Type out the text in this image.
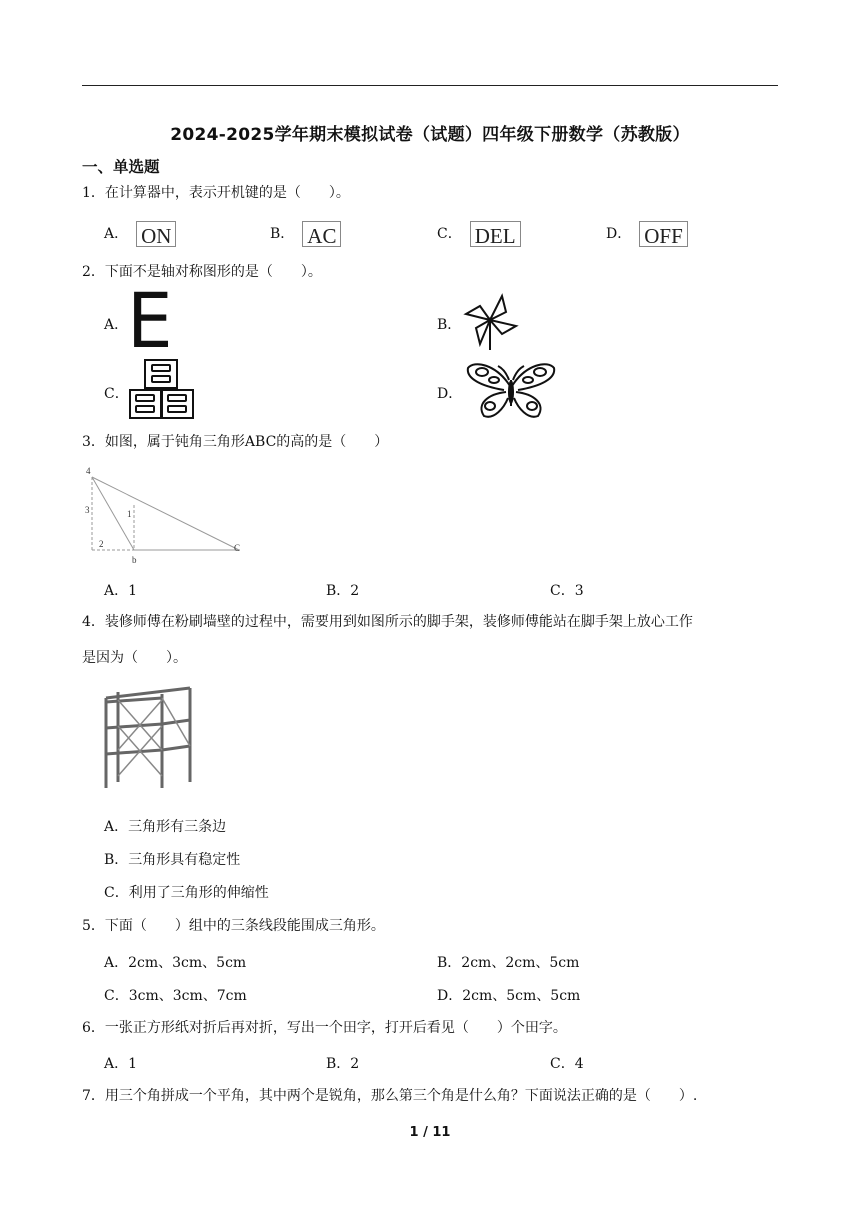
2024-2025学年期末模拟试卷（试题）四年级下册数学（苏教版）
一、单选题
1．在计算器中，表示开机键的是（　　）。
A． ON	B． AC	C． DEL	D． OFF
2．下面不是轴对称图形的是（　　）。
A．
E	B．
C．	D．
3．如图，属于钝角三角形ABC的高的是（　　）
4
3	1
2
b
C
A．1	B．2	C．3
4．装修师傅在粉刷墙壁的过程中，需要用到如图所示的脚手架，装修师傅能站在脚手架上放心工作
是因为（　　）。
A．三角形有三条边
B．三角形具有稳定性
C．利用了三角形的伸缩性
5．下面（　　）组中的三条线段能围成三角形。
A．2cm、3cm、5cm	B．2cm、2cm、5cm
C．3cm、3cm、7cm	D．2cm、5cm、5cm
6．一张正方形纸对折后再对折，写出一个田字，打开后看见（　　）个田字。
A．1	B．2	C．4
7．用三个角拼成一个平角，其中两个是锐角，那么第三个角是什么角？下面说法正确的是（　　）.
1 / 11
